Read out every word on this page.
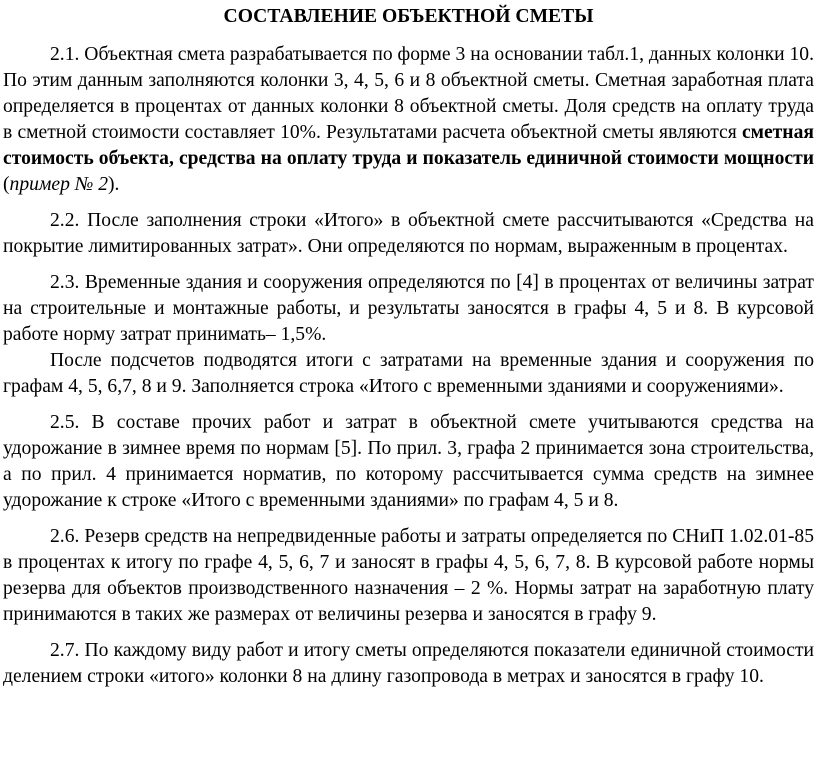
СОСТАВЛЕНИЕ ОБЪЕКТНОЙ СМЕТЫ

2.1. Объектная смета разрабатывается по форме 3 на основании табл.1, данных колонки 10. По этим данным заполняются колонки 3, 4, 5, 6 и 8 объектной сметы. Сметная заработная плата определяется в процентах от данных колонки 8 объектной сметы. Доля средств на оплату труда в сметной стоимости составляет 10%. Результатами расчета объектной сметы являются сметная стоимость объекта, средства на оплату труда и показатель единичной стоимости мощности (пример № 2).

2.2. После заполнения строки «Итого» в объектной смете рассчитываются «Средства на покрытие лимитированных затрат». Они определяются по нормам, выраженным в процентах.

2.3. Временные здания и сооружения определяются по [4] в процентах от величины затрат на строительные и монтажные работы, и результаты заносятся в графы 4, 5 и 8. В курсовой работе норму затрат принимать– 1,5%.

После подсчетов подводятся итоги с затратами на временные здания и сооружения по графам 4, 5, 6,7, 8 и 9. Заполняется строка «Итого с временными зданиями и сооружениями».

2.5. В составе прочих работ и затрат в объектной смете учитываются средства на удорожание в зимнее время по нормам [5]. По прил. 3, графа 2 принимается зона строительства, а по прил. 4 принимается норматив, по которому рассчитывается сумма средств на зимнее удорожание к строке «Итого с временными зданиями» по графам 4, 5 и 8.

2.6. Резерв средств на непредвиденные работы и затраты определяется по СНиП 1.02.01-85 в процентах к итогу по графе 4, 5, 6, 7 и заносят в графы 4, 5, 6, 7, 8. В курсовой работе нормы резерва для объектов производственного назначения – 2 %. Нормы затрат на заработную плату принимаются в таких же размерах от величины резерва и заносятся в графу 9.

2.7. По каждому виду работ и итогу сметы определяются показатели единичной стоимости делением строки «итого» колонки 8 на длину газопровода в метрах и заносятся в графу 10.
